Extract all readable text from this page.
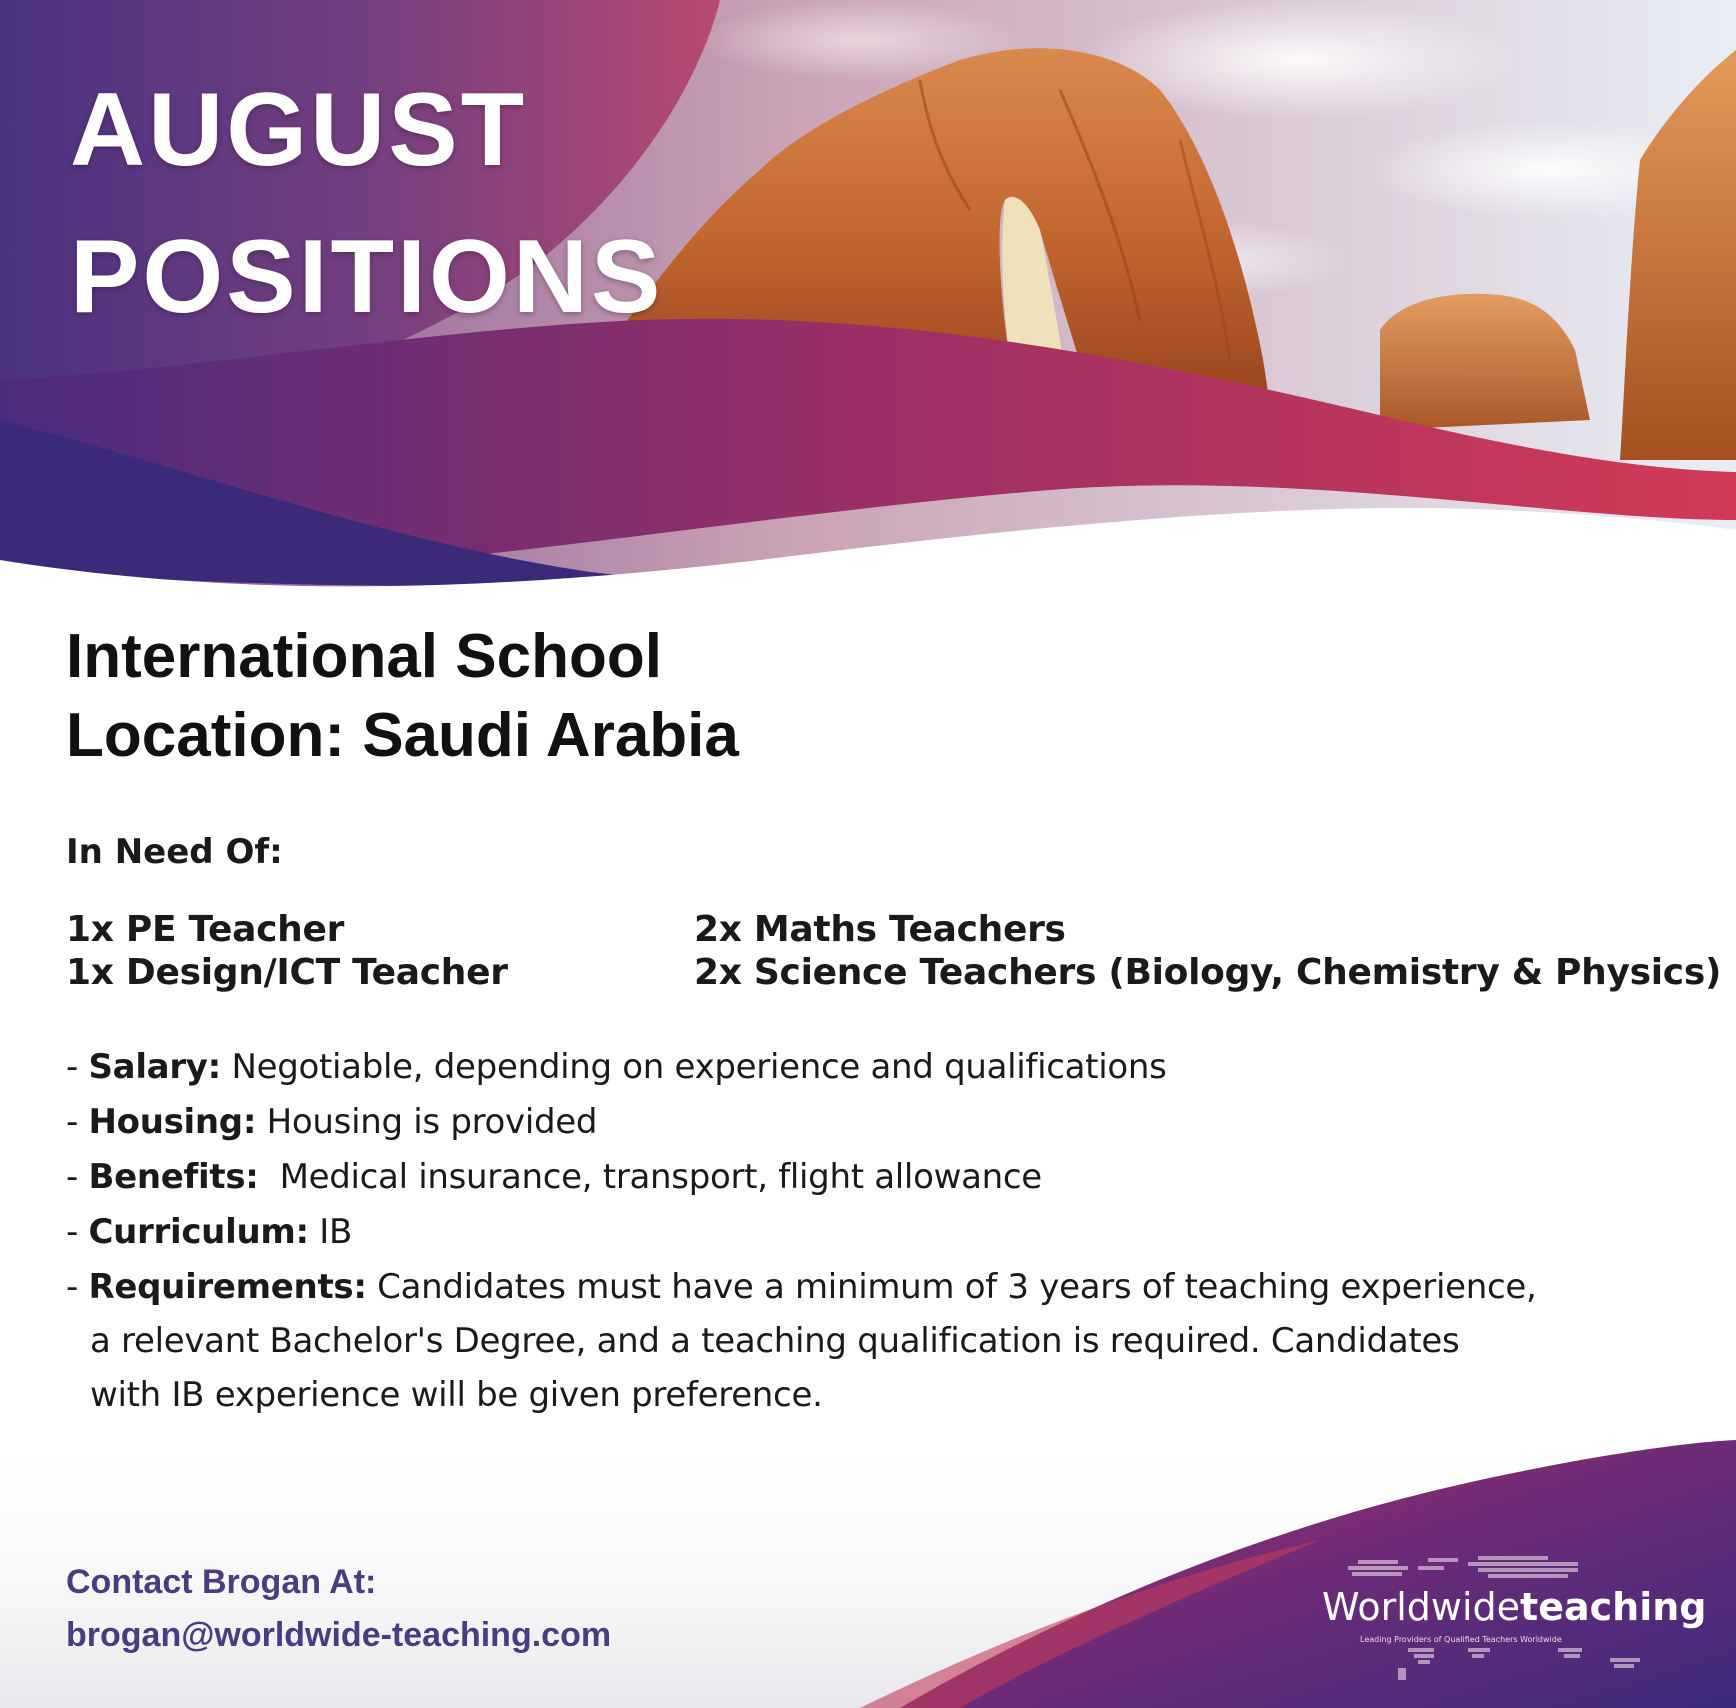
AUGUST
POSITIONS
International School
Location: Saudi Arabia
In Need Of:
1x PE Teacher
1x Design/ICT Teacher
2x Maths Teachers
2x Science Teachers (Biology, Chemistry & Physics)
- Salary: Negotiable, depending on experience and qualifications
- Housing: Housing is provided
- Benefits: Medical insurance, transport, flight allowance
- Curriculum: IB
- Requirements: Candidates must have a minimum of 3 years of teaching experience,
a relevant Bachelor's Degree, and a teaching qualification is required. Candidates
with IB experience will be given preference.
Contact Brogan At:
brogan@worldwide-teaching.com
Worldwideteaching
Leading Providers of Qualified Teachers Worldwide
